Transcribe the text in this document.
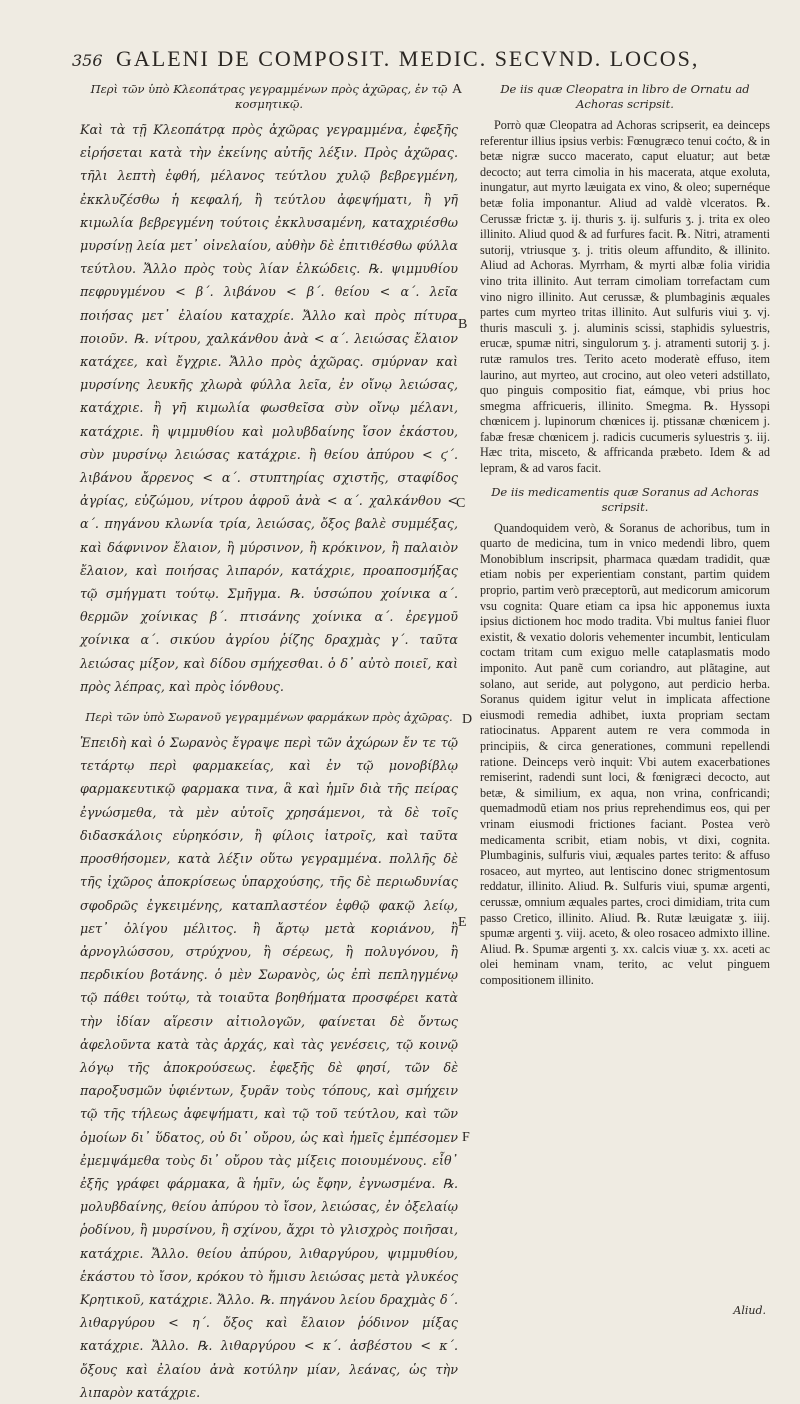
356 GALENI DE COMPOSIT. MEDIC. SECVND. LOCOS,
A
B
C
D
E
F
Περὶ τῶν ὑπὸ Κλεοπάτρας γεγραμμένων πρὸς ἀχῶρας, ἐν τῷ κοσμητικῷ.

Καὶ τὰ τῇ Κλεοπάτρᾳ πρὸς ἀχῶρας γεγραμμένα, ἐφεξῆς εἰρήσεται κατὰ τὴν ἐκείνης αὐτῆς λέξιν. Πρὸς ἀχῶρας. τῆλι λεπτὴ ἑφθή, μέλανος τεύτλου χυλῷ βεβρεγμένη, ἐκκλυζέσθω ἡ κεφαλή, ἢ τεύτλου ἀφεψήματι, ἢ γῆ κιμωλία βεβρεγμένη τούτοις ἐκκλυσαμένη, καταχριέσθω μυρσίνῃ λεία μετ᾽ οἰνελαίου, αὐθὴν δὲ ἐπιτιθέσθω φύλλα τεύτλου. Ἄλλο πρὸς τοὺς λίαν ἑλκώδεις. ℞. ψιμμυθίου πεφρυγμένου < β΄. λιβάνου < β΄. θείου < α΄. λεῖα ποιήσας μετ᾽ ἐλαίου καταχρίε. Ἄλλο καὶ πρὸς πίτυρα ποιοῦν. ℞. νίτρου, χαλκάνθου ἀνὰ < α΄. λειώσας ἔλαιον κατάχεε, καὶ ἔγχριε. Ἄλλο πρὸς ἀχῶρας. σμύρναν καὶ μυρσίνης λευκῆς χλωρὰ φύλλα λεῖα, ἐν οἴνῳ λειώσας, κατάχριε. ἢ γῆ κιμωλία φωσθεῖσα σὺν οἴνῳ μέλανι, κατάχριε. ἢ ψιμμυθίου καὶ μολυβδαίνης ἴσον ἑκάστου, σὺν μυρσίνῳ λειώσας κατάχριε. ἢ θείου ἀπύρου < ϛ΄. λιβάνου ἄρρενος < α΄. στυπτηρίας σχιστῆς, σταφίδος ἀγρίας, εὐζώμου, νίτρου ἀφροῦ ἀνὰ < α΄. χαλκάνθου < α΄. πηγάνου κλωνία τρία, λειώσας, ὄξος βαλὲ συμμέξας, καὶ δάφνινον ἔλαιον, ἢ μύρσινον, ἢ κρόκινον, ἢ παλαιὸν ἔλαιον, καὶ ποιήσας λιπαρόν, κατάχριε, προαποσμήξας τῷ σμήγματι τούτῳ. Σμῆγμα. ℞. ὑσσώπου χοίνικα α΄. θερμῶν χοίνικας β΄. πτισάνης χοίνικα α΄. ἐρεγμοῦ χοίνικα α΄. σικύου ἀγρίου ῥίζης δραχμὰς γ΄. ταῦτα λειώσας μίξον, καὶ δίδου σμήχεσθαι. ὁ δ᾽ αὐτὸ ποιεῖ, καὶ πρὸς λέπρας, καὶ πρὸς ἰόνθους.

Περὶ τῶν ὑπὸ Σωρανοῦ γεγραμμένων φαρμάκων πρὸς ἀχῶρας.

Ἐπειδὴ καὶ ὁ Σωρανὸς ἔγραψε περὶ τῶν ἀχώρων ἔν τε τῷ τετάρτῳ περὶ φαρμακείας, καὶ ἐν τῷ μονοβίβλῳ φαρμακευτικῷ φαρμακα τινα, ἃ καὶ ἡμῖν διὰ τῆς πείρας ἐγνώσμεθα, τὰ μὲν αὐτοῖς χρησάμενοι, τὰ δὲ τοῖς διδασκάλοις εὑρηκόσιν, ἢ φίλοις ἰατροῖς, καὶ ταῦτα προσθήσομεν, κατὰ λέξιν οὕτω γεγραμμένα. πολλῆς δὲ τῆς ἰχῶρος ἀποκρίσεως ὑπαρχούσης, τῆς δὲ περιωδυνίας σφοδρῶς ἐγκειμένης, καταπλαστέον ἑφθῷ φακῷ λείῳ, μετ᾽ ὀλίγου μέλιτος. ἢ ἄρτῳ μετὰ κοριάνου, ἢ ἀρνογλώσσου, στρύχνου, ἢ σέρεως, ἢ πολυγόνου, ἢ περδικίου βοτάνης. ὁ μὲν Σωρανὸς, ὡς ἐπὶ πεπληγμένῳ τῷ πάθει τούτῳ, τὰ τοιαῦτα βοηθήματα προσφέρει κατὰ τὴν ἰδίαν αἵρεσιν αἰτιολογῶν, φαίνεται δὲ ὄντως ἀφελοῦντα κατὰ τὰς ἀρχάς, καὶ τὰς γενέσεις, τῷ κοινῷ λόγῳ τῆς ἀποκρούσεως. ἐφεξῆς δὲ φησί, τῶν δὲ παροξυσμῶν ὑφιέντων, ξυρᾶν τοὺς τόπους, καὶ σμήχειν τῷ τῆς τήλεως ἀφεψήματι, καὶ τῷ τοῦ τεύτλου, καὶ τῶν ὁμοίων δι᾽ ὕδατος, οὐ δι᾽ οὔρου, ὡς καὶ ἡμεῖς ἐμπέσομεν ἐμεμψάμεθα τοὺς δι᾽ οὔρου τὰς μίξεις ποιουμένους. εἶθ᾽ ἐξῆς γράφει φάρμακα, ἃ ἡμῖν, ὡς ἔφην, ἐγνωσμένα. ℞. μολυβδαίνης, θείου ἀπύρου τὸ ἴσον, λειώσας, ἐν ὀξελαίῳ ῥοδίνου, ἢ μυρσίνου, ἢ σχίνου, ἄχρι τὸ γλισχρὸς ποιῆσαι, κατάχριε. Ἄλλο. θείου ἀπύρου, λιθαργύρου, ψιμμυθίου, ἑκάστου τὸ ἴσον, κρόκου τὸ ἥμισυ λειώσας μετὰ γλυκέος Κρητικοῦ, κατάχριε. Ἄλλο. ℞. πηγάνου λείου δραχμὰς δ΄. λιθαργύρου < η΄. ὄξος καὶ ἔλαιον ῥόδινον μίξας κατάχριε. Ἄλλο. ℞. λιθαργύρου < κ΄. ἀσβέστου < κ΄. ὄξους καὶ ἐλαίου ἀνὰ κοτύλην μίαν, λεάνας, ὡς τὴν λιπαρὸν κατάχριε.

De iis quæ Cleopatra in libro de Ornatu ad Achoras scripsit.

Porrò quæ Cleopatra ad Achoras scripserit, ea deinceps referentur illius ipsius verbis: Fœnugræco tenui coćto, & in betæ nigræ succo macerato, caput eluatur; aut betæ decocto; aut terra cimolia in his macerata, atque exoluta, inungatur, aut myrto læuigata ex vino, & oleo; supernéque betæ folia imponantur. Aliud ad valdè vlceratos. ℞. Cerussæ frictæ ʒ. ij. thuris ʒ. ij. sulfuris ʒ. j. trita ex oleo illinito. Aliud quod & ad furfures facit. ℞. Nitri, atramenti sutorij, vtriusque ʒ. j. tritis oleum affundito, & illinito. Aliud ad Achoras. Myrrham, & myrti albæ folia viridia vino trita illinito. Aut terram cimoliam torrefactam cum vino nigro illinito. Aut cerussæ, & plumbaginis æquales partes cum myrteo tritas illinito. Aut sulfuris viui ʒ. vj. thuris masculi ʒ. j. aluminis scissi, staphidis syluestris, erucæ, spumæ nitri, singulorum ʒ. j. atramenti sutorij ʒ. j. rutæ ramulos tres. Terito aceto moderatè effuso, item laurino, aut myrteo, aut crocino, aut oleo veteri adstillato, quo pinguis compositio fiat, eámque, vbi prius hoc smegma affricueris, illinito. Smegma. ℞. Hyssopi chœnicem j. lupinorum chœnices ij. ptissanæ chœnicem j. fabæ fresæ chœnicem j. radicis cucumeris syluestris ʒ. iij. Hæc trita, misceto, & affricanda præbeto. Idem & ad lepram, & ad varos facit.

De iis medicamentis quæ Soranus ad Achoras scripsit.

Quandoquidem verò, & Soranus de achoribus, tum in quarto de medicina, tum in vnico medendi libro, quem Monobiblum inscripsit, pharmaca quædam tradidit, quæ etiam nobis per experientiam constant, partim quidem proprio, partim verò præceptorũ, aut medicorum amicorum vsu cognita: Quare etiam ca ipsa hic apponemus iuxta ipsius dictionem hoc modo tradita. Vbi multus faniei fluor existit, & vexatio doloris vehementer incumbit, lenticulam coctam tritam cum exiguo melle cataplasmatis modo imponito. Aut panẽ cum coriandro, aut plãtagine, aut solano, aut seride, aut polygono, aut perdicio herba. Soranus quidem igitur velut in implicata affectione eiusmodi remedia adhibet, iuxta propriam sectam ratiocinatus. Apparent autem re vera commoda in principiis, & circa generationes, communi repellendi ratione. Deinceps verò inquit: Vbi autem exacerbationes remiserint, radendi sunt loci, & fœnigræci decocto, aut betæ, & similium, ex aqua, non vrina, confricandi; quemadmodũ etiam nos prius reprehendimus eos, qui per vrinam eiusmodi frictiones faciant. Postea verò medicamenta scribit, etiam nobis, vt dixi, cognita. Plumbaginis, sulfuris viui, æquales partes terito: & affuso rosaceo, aut myrteo, aut lentiscino donec strigmentosum reddatur, illinito. Aliud. ℞. Sulfuris viui, spumæ argenti, cerussæ, omnium æquales partes, croci dimidiam, trita cum passo Cretico, illinito. Aliud. ℞. Rutæ læuigatæ ʒ. iiij. spumæ argenti ʒ. viij. aceto, & oleo rosaceo admixto illine. Aliud. ℞. Spumæ argenti ʒ. xx. calcis viuæ ʒ. xx. aceti ac olei heminam vnam, terito, ac velut pinguem compositionem illinito.

Aliud.
